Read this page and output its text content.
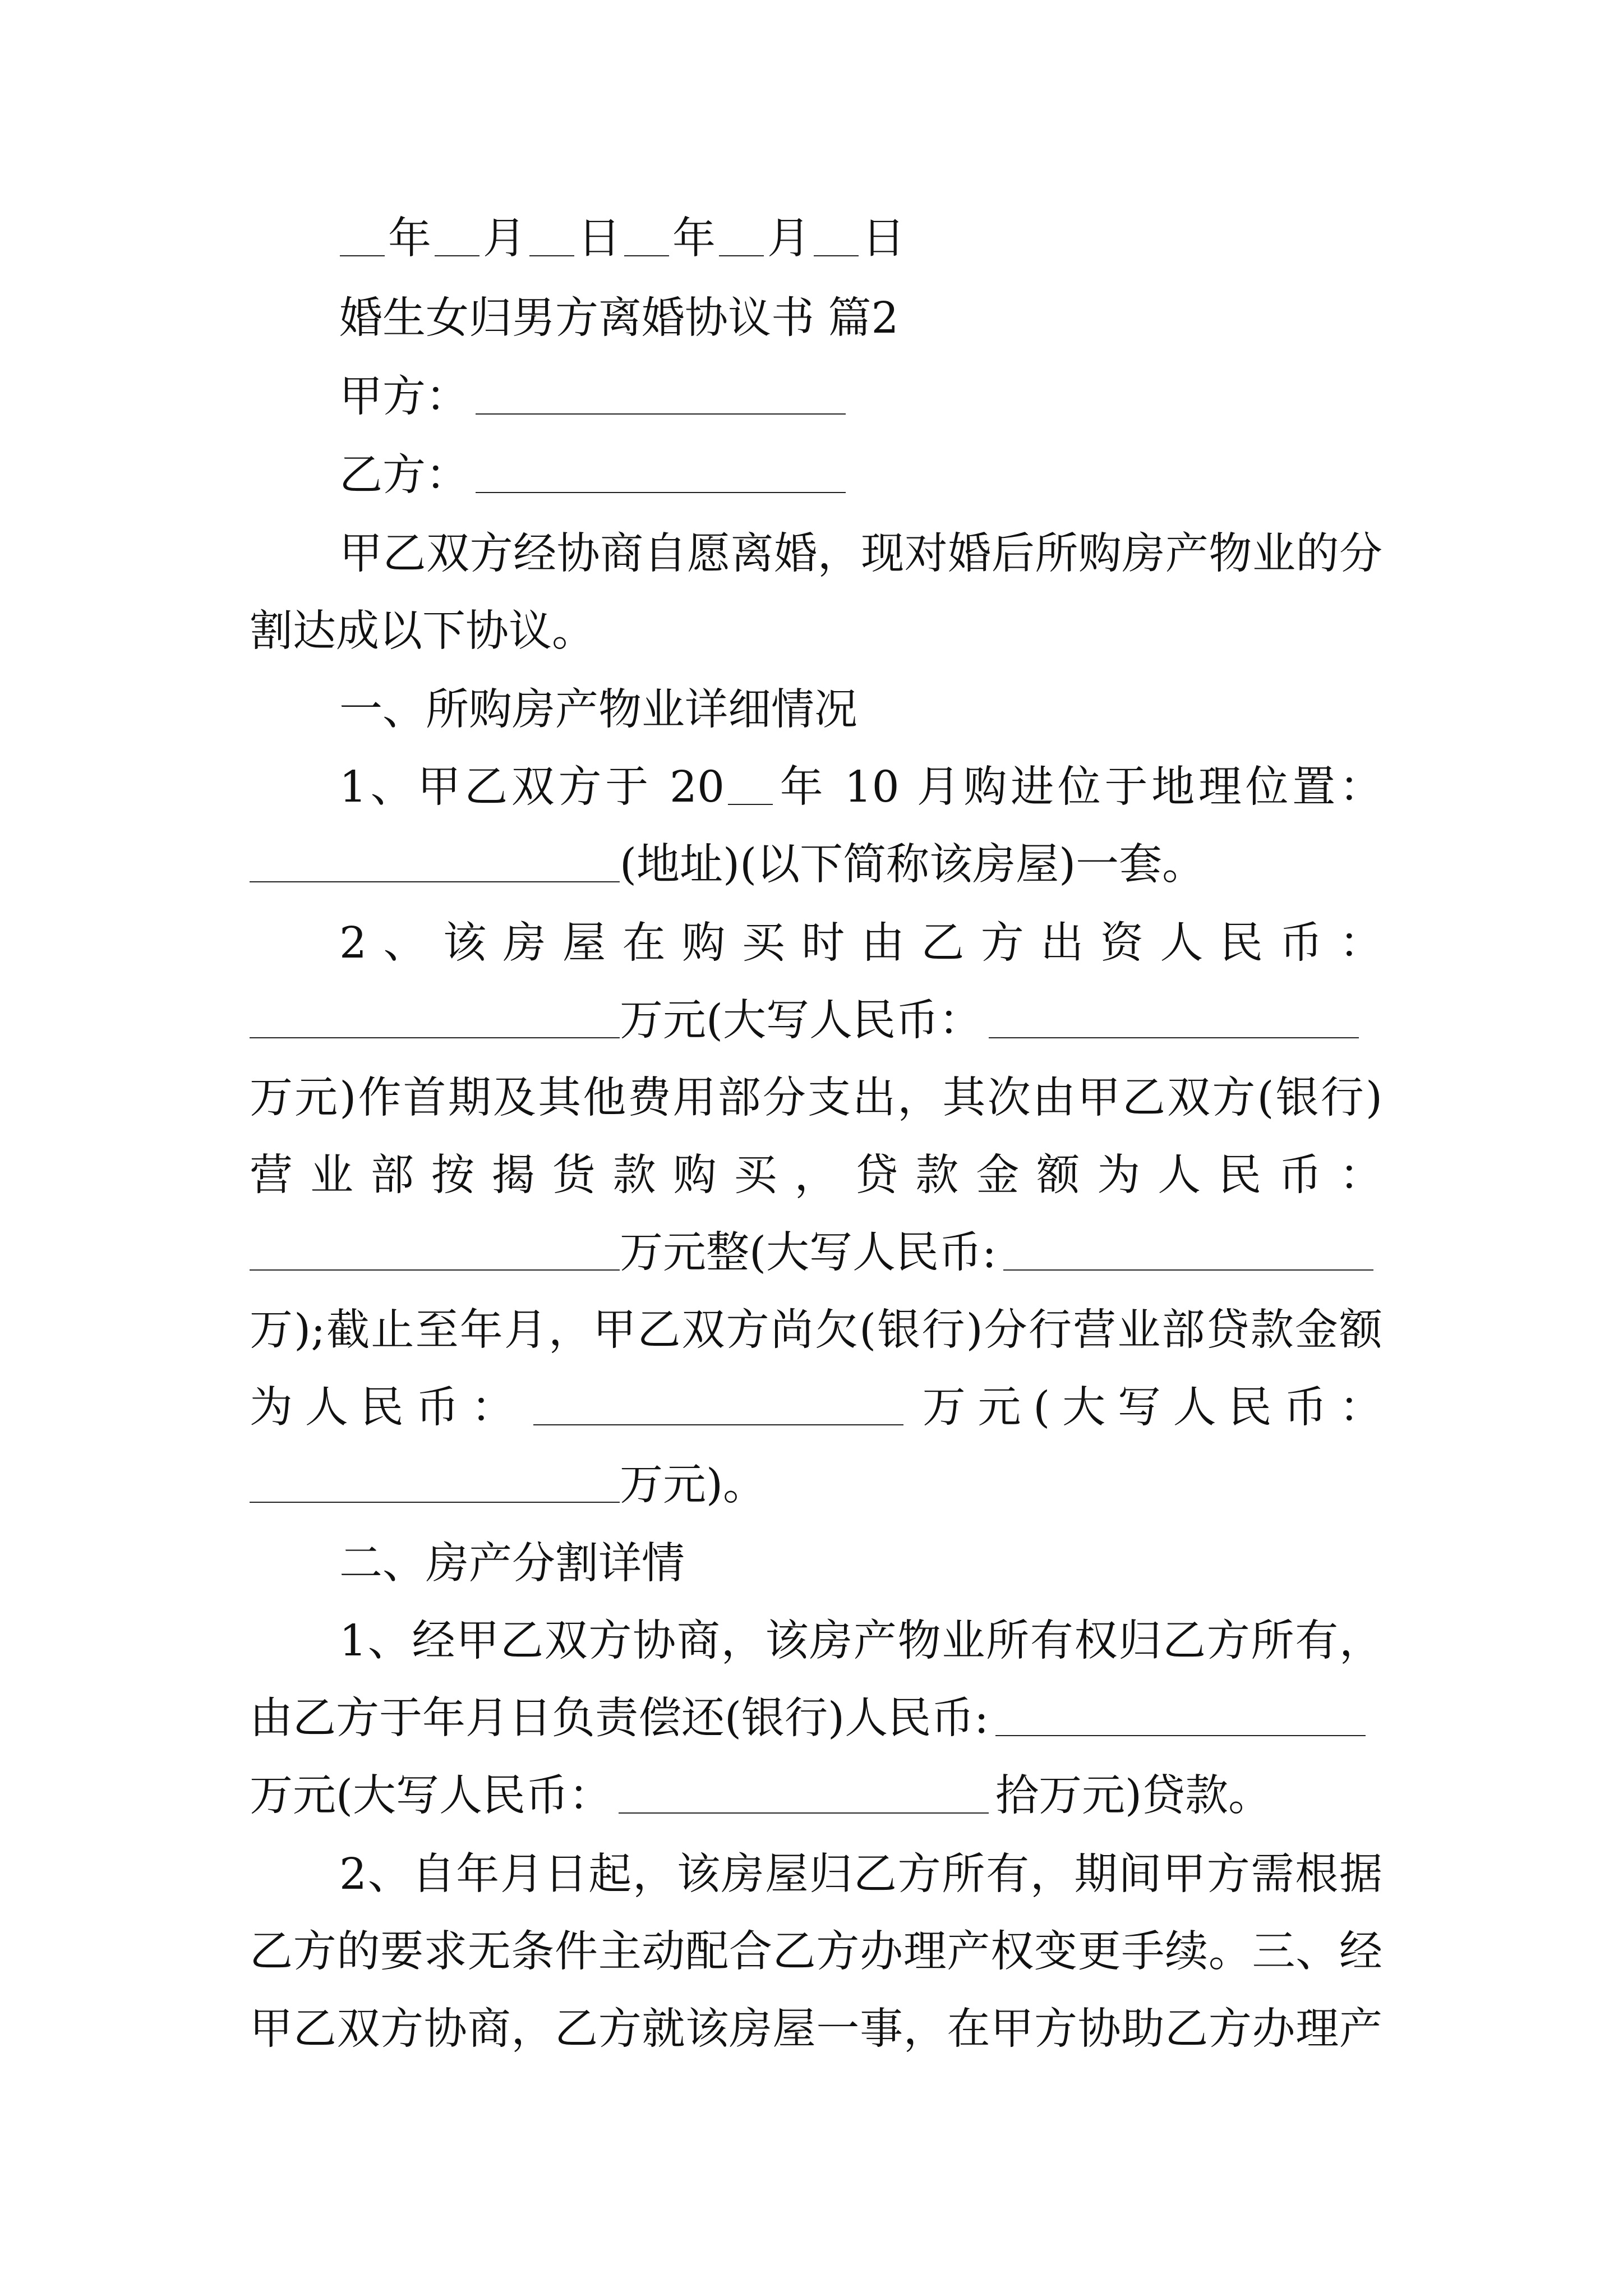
年 月 日 年 月 日
婚生女归男方离婚协议书 篇2
甲方：
乙方：
甲乙双方经协商自愿离婚，现对婚后所购房产物业的分
割达成以下协议。
一、所购房产物业详细情况
1、甲乙双方于 20 年 10 月购进位于地理位置：
(地址)(以下简称该房屋)一套。
2、该房屋在购买时由乙方出资人民币：
万元(大写人民币：
万元)作首期及其他费用部分支出，其次由甲乙双方(银行)
营业部按揭货款购买，贷款金额为人民币：
万元整(大写人民币:
万);截止至年月，甲乙双方尚欠(银行)分行营业部贷款金额
为人民币：	万元(大写人民币：
万元)。
二、房产分割详情
1、经甲乙双方协商，该房产物业所有权归乙方所有，
由乙方于年月日负责偿还(银行)人民币:
万元(大写人民币：	拾万元)贷款。
2、自年月日起，该房屋归乙方所有，期间甲方需根据
乙方的要求无条件主动配合乙方办理产权变更手续。三、经
甲乙双方协商，乙方就该房屋一事，在甲方协助乙方办理产
